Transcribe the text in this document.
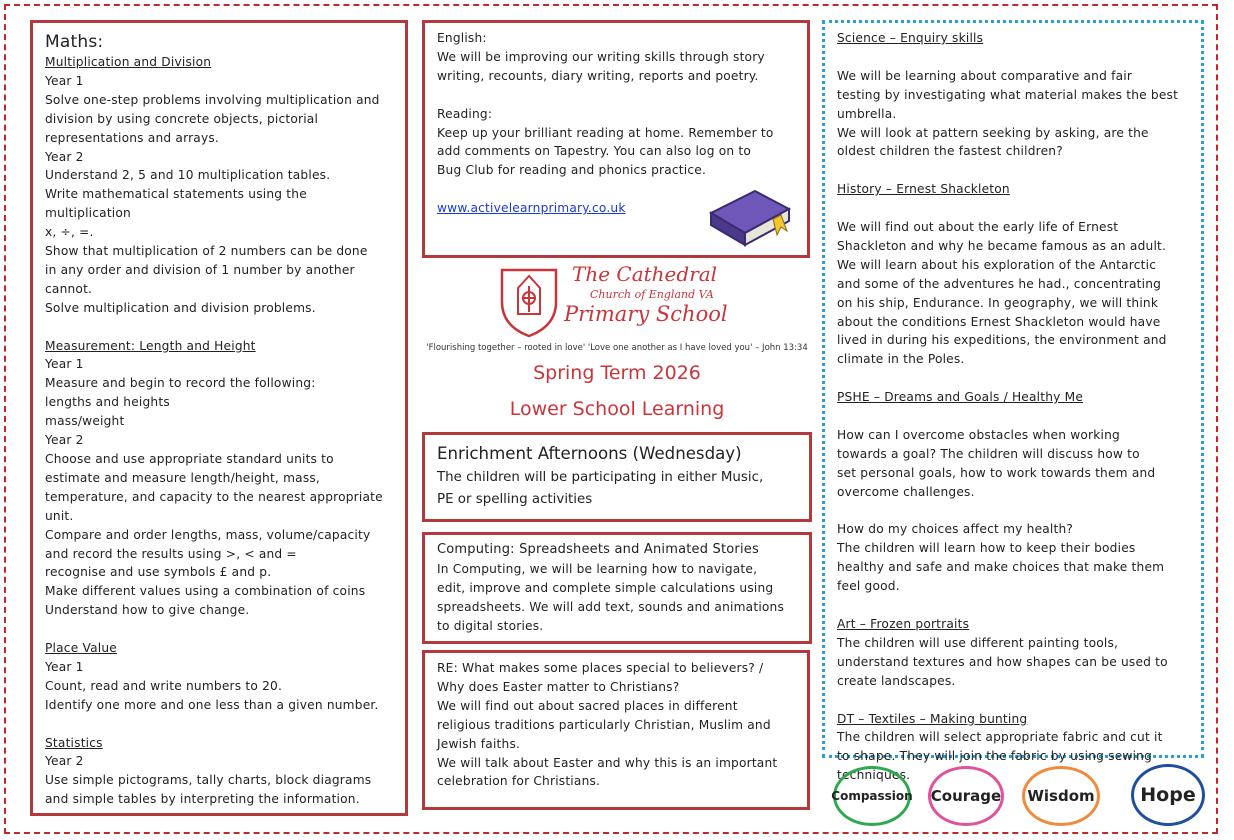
Maths:

Multiplication and Division

Year 1

Solve one-step problems involving multiplication and

division by using concrete objects, pictorial

representations and arrays.

Year 2

Understand 2, 5 and 10 multiplication tables.

Write mathematical statements using the multiplication

x, ÷, =.

Show that multiplication of 2 numbers can be done

in any order and division of 1 number by another

cannot.

Solve multiplication and division problems.

Measurement: Length and Height

Year 1

Measure and begin to record the following:

lengths and heights

mass/weight

Year 2

Choose and use appropriate standard units to

estimate and measure length/height, mass,

temperature, and capacity to the nearest appropriate

unit.

Compare and order lengths, mass, volume/capacity

and record the results using >, < and =

recognise and use symbols £ and p.

Make different values using a combination of coins

Understand how to give change.

Place Value

Year 1

Count, read and write numbers to 20.

Identify one more and one less than a given number.

Statistics

Year 2

Use simple pictograms, tally charts, block diagrams

and simple tables by interpreting the information.

English:

We will be improving our writing skills through story

writing, recounts, diary writing, reports and poetry.

Reading:

Keep up your brilliant reading at home. Remember to

add comments on Tapestry. You can also log on to

Bug Club for reading and phonics practice.

www.activelearnprimary.co.uk
The Cathedral
Church of England VA
Primary School
'Flourishing together – rooted in love' 'Love one another as I have loved you' – John 13:34
Spring Term 2026
Lower School Learning

Enrichment Afternoons (Wednesday)

The children will be participating in either Music,

PE or spelling activities

Computing: Spreadsheets and Animated Stories

In Computing, we will be learning how to navigate,

edit, improve and complete simple calculations using

spreadsheets. We will add text, sounds and animations

to digital stories.

RE: What makes some places special to believers? /

Why does Easter matter to Christians?

We will find out about sacred places in different

religious traditions particularly Christian, Muslim and

Jewish faiths.

We will talk about Easter and why this is an important

celebration for Christians.

Science – Enquiry skills

We will be learning about comparative and fair

testing by investigating what material makes the best

umbrella.

We will look at pattern seeking by asking, are the

oldest children the fastest children?

History – Ernest Shackleton

We will find out about the early life of Ernest

Shackleton and why he became famous as an adult.

We will learn about his exploration of the Antarctic

and some of the adventures he had., concentrating

on his ship, Endurance. In geography, we will think

about the conditions Ernest Shackleton would have

lived in during his expeditions, the environment and

climate in the Poles.

PSHE – Dreams and Goals / Healthy Me

How can I overcome obstacles when working

towards a goal? The children will discuss how to

set personal goals, how to work towards them and

overcome challenges.

How do my choices affect my health?

The children will learn how to keep their bodies

healthy and safe and make choices that make them

feel good.

Art – Frozen portraits

The children will use different painting tools,

understand textures and how shapes can be used to

create landscapes.

DT – Textiles – Making bunting

The children will select appropriate fabric and cut it

to shape. They will join the fabric by using sewing

techniques.

Compassion Courage Wisdom Hope
